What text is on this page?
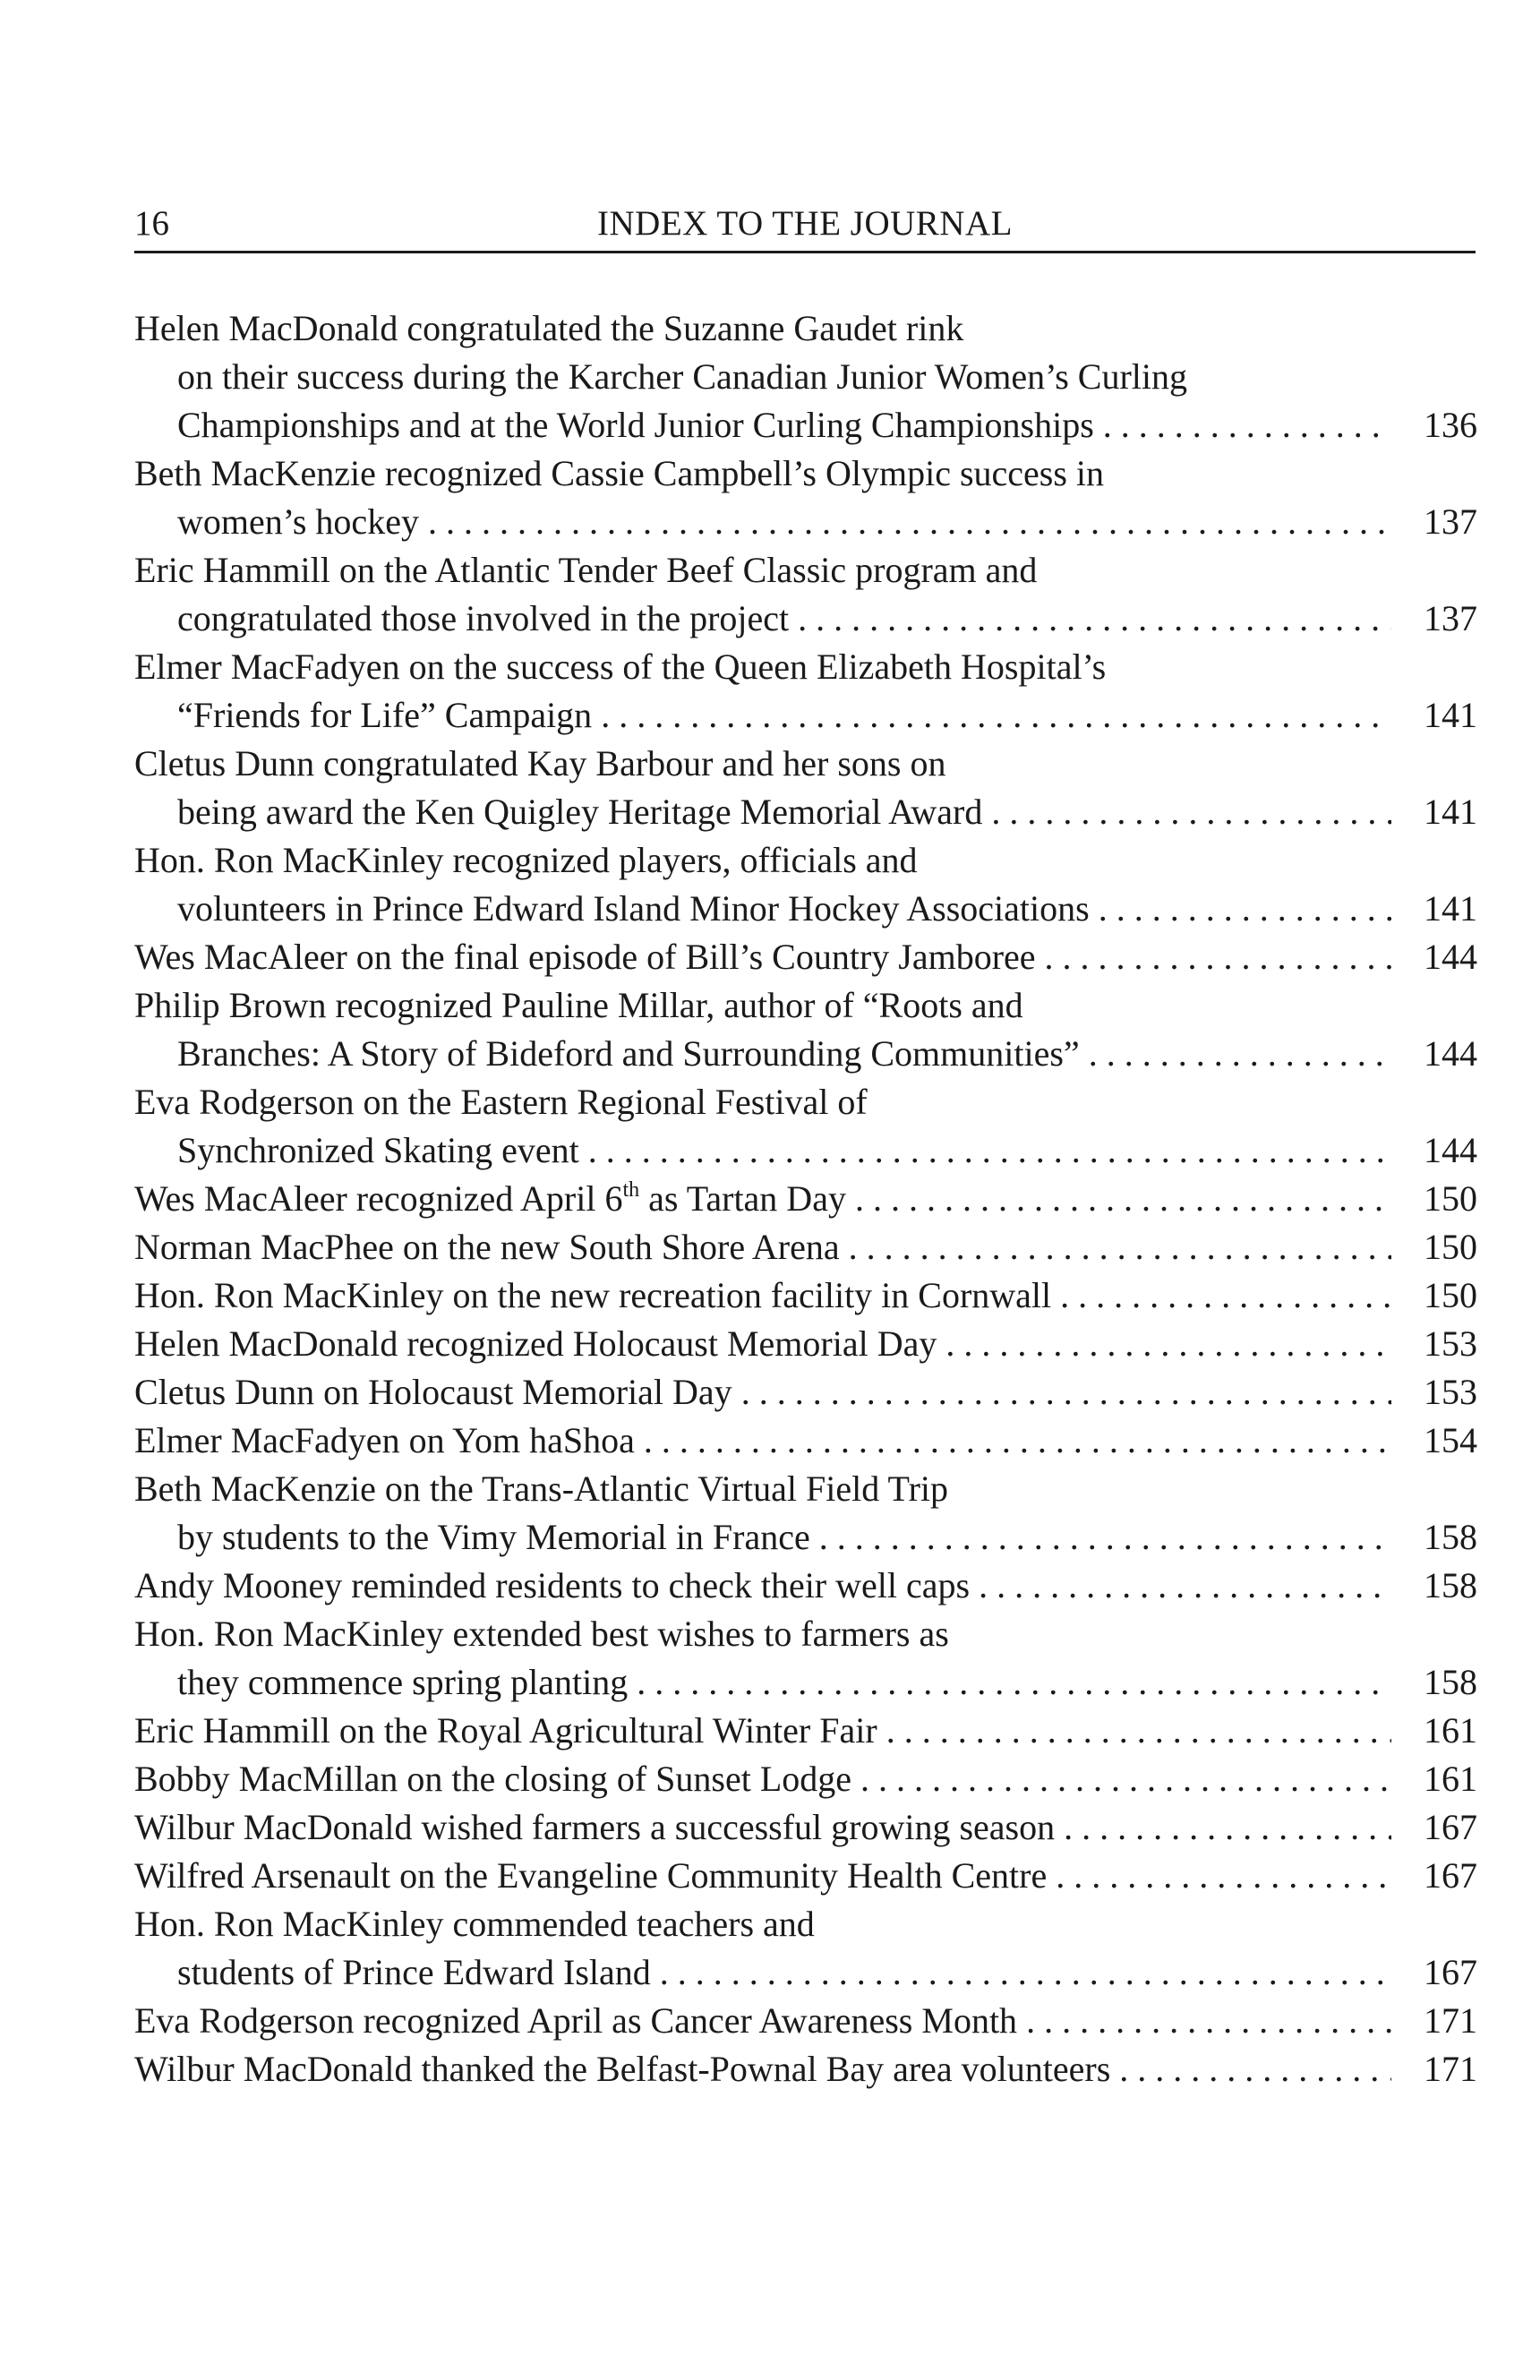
16	INDEX TO THE JOURNAL
Helen MacDonald congratulated the Suzanne Gaudet rink
on their success during the Karcher Canadian Junior Women’s Curling
Championships and at the World Junior Curling Championships . . .	136
Beth MacKenzie recognized Cassie Campbell’s Olympic success in
women’s hockey . . .	137
Eric Hammill on the Atlantic Tender Beef Classic program and
congratulated those involved in the project . . .	137
Elmer MacFadyen on the success of the Queen Elizabeth Hospital’s
“Friends for Life” Campaign . . .	141
Cletus Dunn congratulated Kay Barbour and her sons on
being award the Ken Quigley Heritage Memorial Award . . .	141
Hon. Ron MacKinley recognized players, officials and
volunteers in Prince Edward Island Minor Hockey Associations . . .	141
Wes MacAleer on the final episode of Bill’s Country Jamboree . . .	144
Philip Brown recognized Pauline Millar, author of “Roots and
Branches: A Story of Bideford and Surrounding Communities” . . .	144
Eva Rodgerson on the Eastern Regional Festival of
Synchronized Skating event . . .	144
Wes MacAleer recognized April 6th as Tartan Day . . .	150
Norman MacPhee on the new South Shore Arena . . .	150
Hon. Ron MacKinley on the new recreation facility in Cornwall . . .	150
Helen MacDonald recognized Holocaust Memorial Day . . .	153
Cletus Dunn on Holocaust Memorial Day . . .	153
Elmer MacFadyen on Yom haShoa . . .	154
Beth MacKenzie on the Trans-Atlantic Virtual Field Trip
by students to the Vimy Memorial in France . . .	158
Andy Mooney reminded residents to check their well caps . . .	158
Hon. Ron MacKinley extended best wishes to farmers as
they commence spring planting . . .	158
Eric Hammill on the Royal Agricultural Winter Fair . . .	161
Bobby MacMillan on the closing of Sunset Lodge . . .	161
Wilbur MacDonald wished farmers a successful growing season . . .	167
Wilfred Arsenault on the Evangeline Community Health Centre . . .	167
Hon. Ron MacKinley commended teachers and
students of Prince Edward Island . . .	167
Eva Rodgerson recognized April as Cancer Awareness Month . . .	171
Wilbur MacDonald thanked the Belfast-Pownal Bay area volunteers . . .	171
